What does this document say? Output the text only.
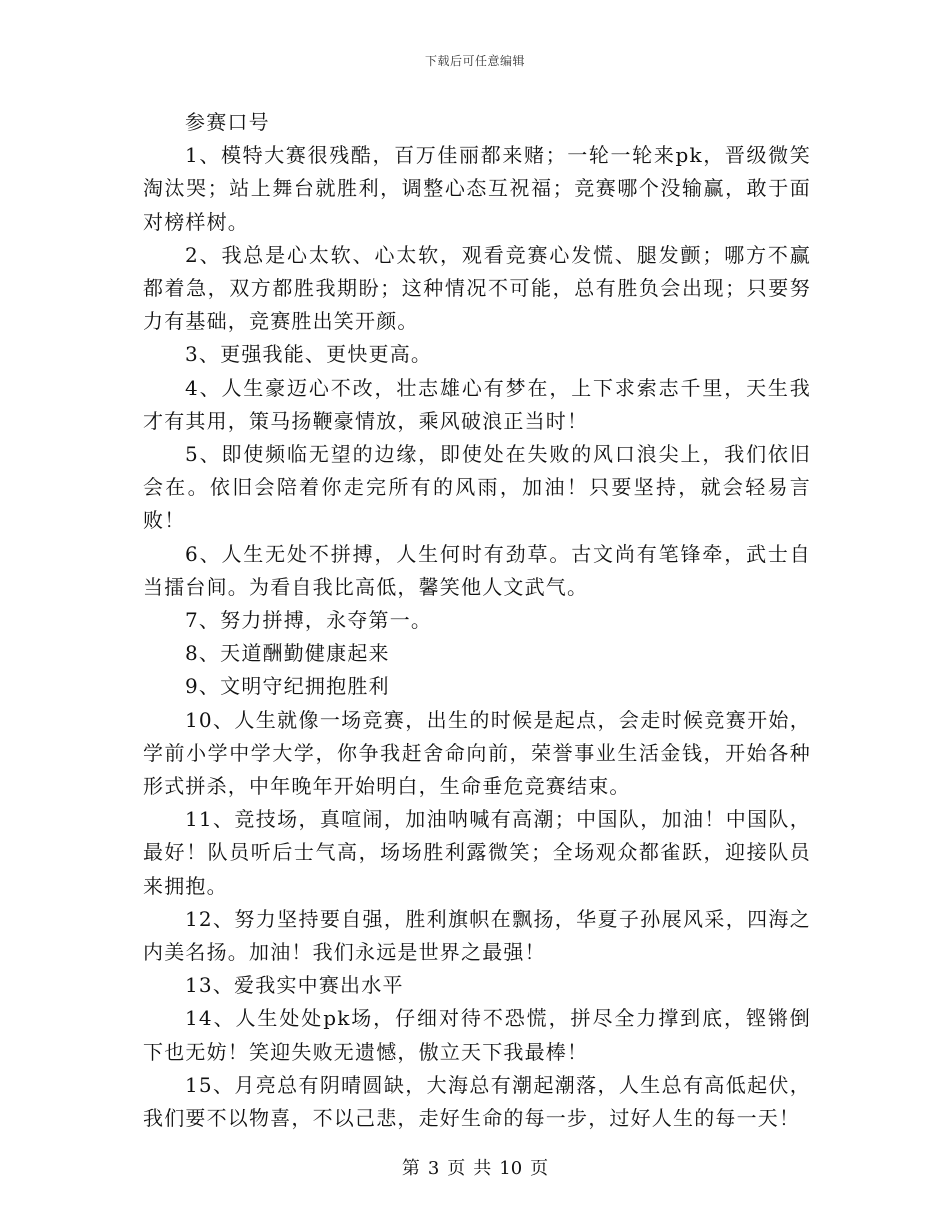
下载后可任意编辑

参赛口号

1、模特大赛很残酷，百万佳丽都来赌；一轮一轮来pk，晋级微笑淘汰哭；站上舞台就胜利，调整心态互祝福；竞赛哪个没输赢，敢于面对榜样树。

2、我总是心太软、心太软，观看竞赛心发慌、腿发颤；哪方不赢都着急，双方都胜我期盼；这种情况不可能，总有胜负会出现；只要努力有基础，竞赛胜出笑开颜。

3、更强我能、更快更高。

4、人生豪迈心不改，壮志雄心有梦在，上下求索志千里，天生我才有其用，策马扬鞭豪情放，乘风破浪正当时！

5、即使频临无望的边缘，即使处在失败的风口浪尖上，我们依旧会在。依旧会陪着你走完所有的风雨，加油！只要坚持，就会轻易言败！

6、人生无处不拼搏，人生何时有劲草。古文尚有笔锋牵，武士自当擂台间。为看自我比高低，馨笑他人文武气。

7、努力拼搏，永夺第一。

8、天道酬勤健康起来

9、文明守纪拥抱胜利

10、人生就像一场竞赛，出生的时候是起点，会走时候竞赛开始，学前小学中学大学，你争我赶舍命向前，荣誉事业生活金钱，开始各种形式拼杀，中年晚年开始明白，生命垂危竞赛结束。

11、竞技场，真喧闹，加油呐喊有高潮；中国队，加油！中国队，最好！队员听后士气高，场场胜利露微笑；全场观众都雀跃，迎接队员来拥抱。

12、努力坚持要自强，胜利旗帜在飘扬，华夏子孙展风采，四海之内美名扬。加油！我们永远是世界之最强！

13、爱我实中赛出水平

14、人生处处pk场，仔细对待不恐慌，拼尽全力撑到底，铿锵倒下也无妨！笑迎失败无遗憾，傲立天下我最棒！

15、月亮总有阴晴圆缺，大海总有潮起潮落，人生总有高低起伏，我们要不以物喜，不以己悲，走好生命的每一步，过好人生的每一天！

第 3 页 共 10 页
